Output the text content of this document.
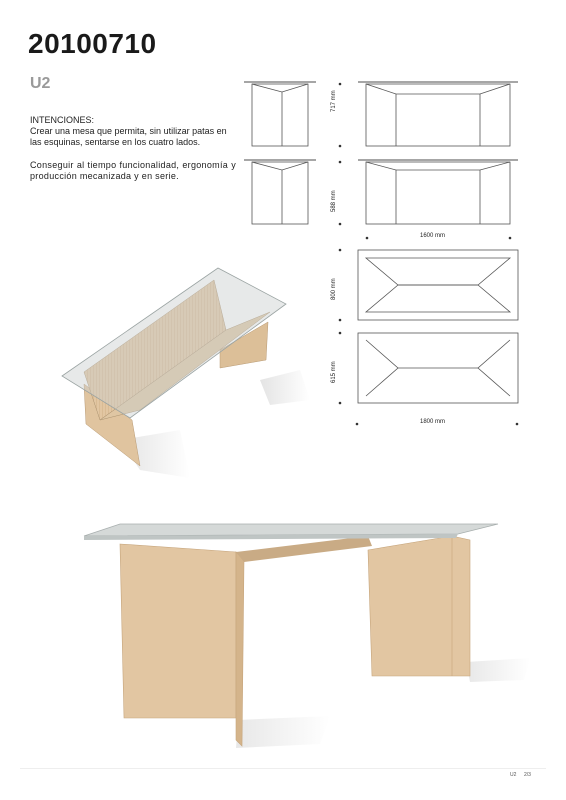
20100710
U2

INTENCIONES:

Crear una mesa que permita, sin utilizar patas en las esquinas, sentarse en los cuatro lados.

Conseguir al tiempo funcionalidad, ergonomía y producción mecanizada y en serie.

717 mm
588 mm
1600 mm
800 mm
615 mm
1800 mm
U2 2/3
